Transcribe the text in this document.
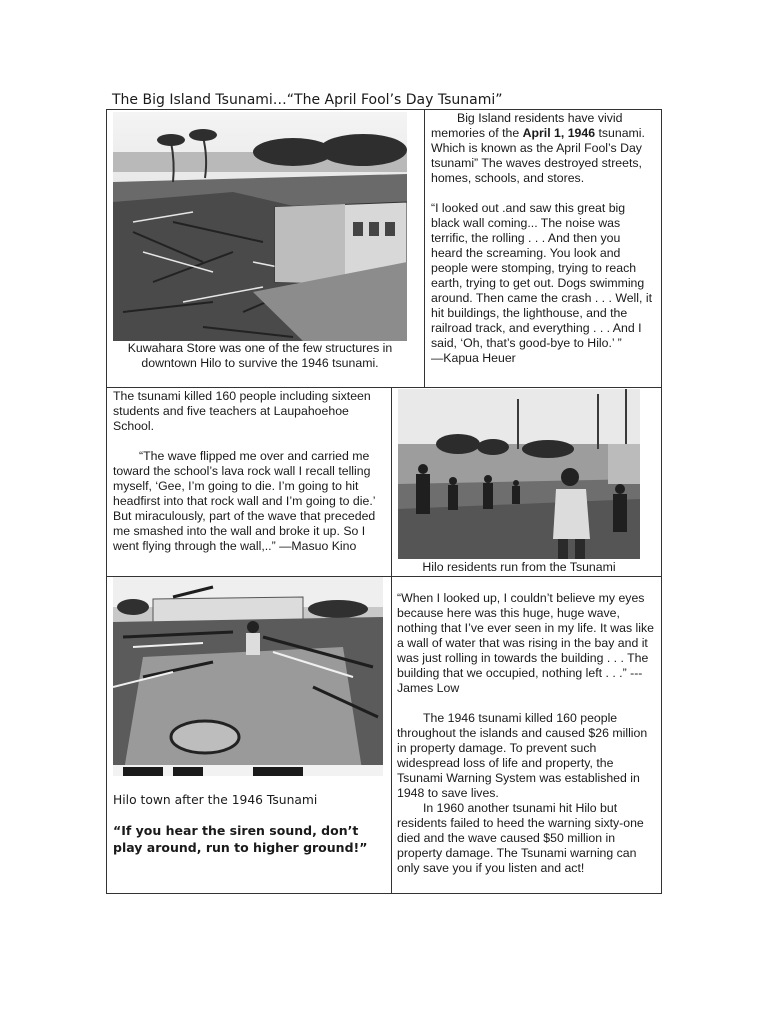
The Big Island Tsunami…“The April Fool’s Day Tsunami”
Kuwahara Store was one of the few structures in downtown Hilo to survive the 1946 tsunami.

Big Island residents have vivid memories of the April 1, 1946 tsunami. Which is known as the April Fool’s Day tsunami” The waves destroyed streets, homes, schools, and stores.

“I looked out .and saw this great big black wall coming... The noise was terrific, the rolling . . . And then you heard the screaming. You look and people were stomping, trying to reach earth, trying to get out. Dogs swimming around. Then came the crash . . . Well, it hit buildings, the lighthouse, and the railroad track, and everything . . . And I said, ‘Oh, that’s good-bye to Hilo.’ ”

—Kapua Heuer

The tsunami killed 160 people including sixteen students and five teachers at Laupahoehoe School.

“The wave flipped me over and carried me toward the school’s lava rock wall I recall telling myself, ‘Gee, I’m going to die. I’m going to hit headfirst into that rock wall and I’m going to die.’ But miraculously, part of the wave that preceded me smashed into the wall and broke it up. So I went flying through the wall,..” —Masuo Kino

Hilo residents run from the Tsunami
Hilo town after the 1946 Tsunami
“If you hear the siren sound, don’t play around, run to higher ground!”

“When I looked up, I couldn’t believe my eyes because here was this huge, huge wave, nothing that I’ve ever seen in my life. It was like a wall of water that was rising in the bay and it was just rolling in towards the building . . . The building that we occupied, nothing left . . .” --- James Low

The 1946 tsunami killed 160 people throughout the islands and caused $26 million in property damage. To prevent such widespread loss of life and property, the Tsunami Warning System was established in 1948 to save lives.

In 1960 another tsunami hit Hilo but residents failed to heed the warning sixty-one died and the wave caused $50 million in property damage. The Tsunami warning can only save you if you listen and act!
